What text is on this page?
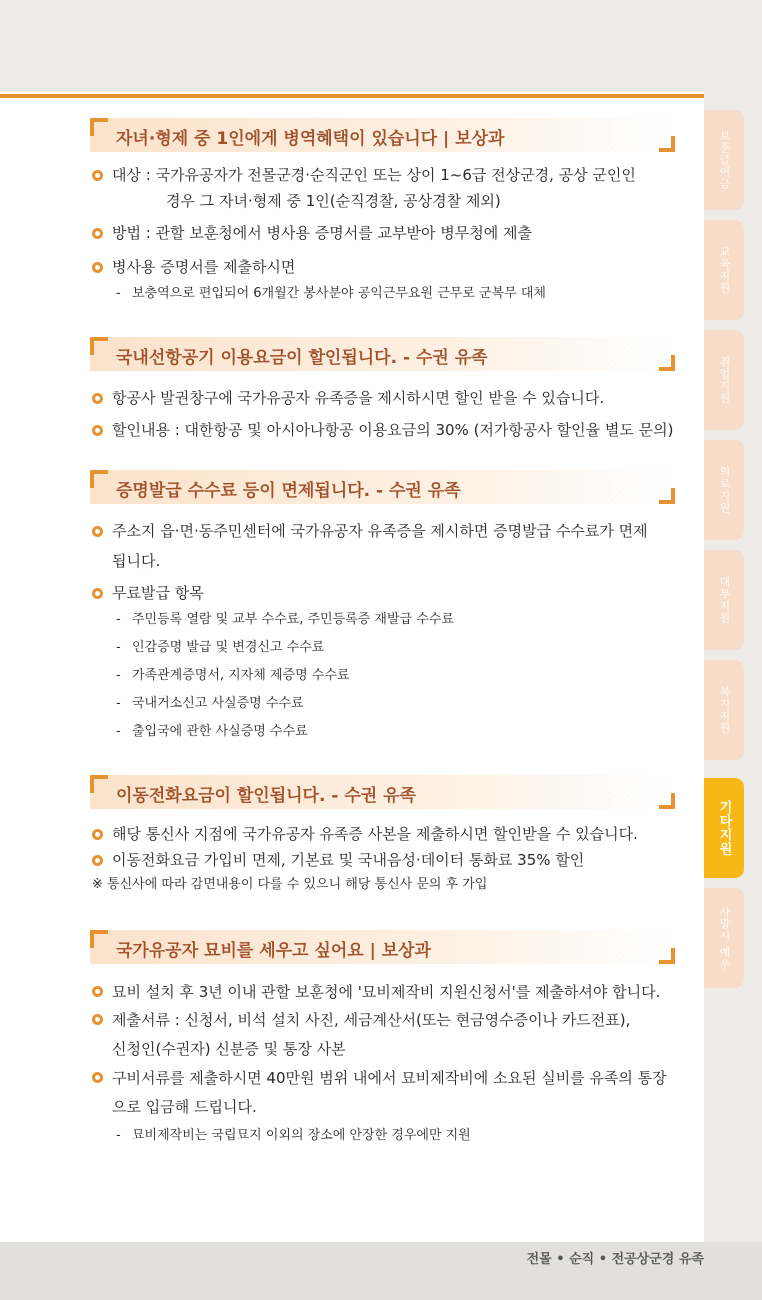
보훈급여금
교육지원
취업지원
의료지원
대부지원
복지지원
기타지원
사망시 예우
자녀·형제 중 1인에게 병역혜택이 있습니다 | 보상과
대상 : 국가유공자가 전몰군경·순직군인 또는 상이 1~6급 전상군경, 공상 군인인
경우 그 자녀·형제 중 1인(순직경찰, 공상경찰 제외)
방법 : 관할 보훈청에서 병사용 증명서를 교부받아 병무청에 제출
병사용 증명서를 제출하시면
- 보충역으로 편입되어 6개월간 봉사분야 공익근무요원 근무로 군복무 대체
국내선항공기 이용요금이 할인됩니다. - 수권 유족
항공사 발권창구에 국가유공자 유족증을 제시하시면 할인 받을 수 있습니다.
할인내용 : 대한항공 및 아시아나항공 이용요금의 30% (저가항공사 할인율 별도 문의)
증명발급 수수료 등이 면제됩니다. - 수권 유족
주소지 읍·면·동주민센터에 국가유공자 유족증을 제시하면 증명발급 수수료가 면제
됩니다.
무료발급 항목
- 주민등록 열람 및 교부 수수료, 주민등록증 재발급 수수료
- 인감증명 발급 및 변경신고 수수료
- 가족관계증명서, 지자체 제증명 수수료
- 국내거소신고 사실증명 수수료
- 출입국에 관한 사실증명 수수료
이동전화요금이 할인됩니다. - 수권 유족
해당 통신사 지점에 국가유공자 유족증 사본을 제출하시면 할인받을 수 있습니다.
이동전화요금 가입비 면제, 기본료 및 국내음성·데이터 통화료 35% 할인
※ 통신사에 따라 감면내용이 다를 수 있으니 해당 통신사 문의 후 가입
국가유공자 묘비를 세우고 싶어요 | 보상과
묘비 설치 후 3년 이내 관할 보훈청에 '묘비제작비 지원신청서'를 제출하셔야 합니다.
제출서류 : 신청서, 비석 설치 사진, 세금계산서(또는 현금영수증이나 카드전표),
신청인(수권자) 신분증 및 통장 사본
구비서류를 제출하시면 40만원 범위 내에서 묘비제작비에 소요된 실비를 유족의 통장
으로 입금해 드립니다.
- 묘비제작비는 국립묘지 이외의 장소에 안장한 경우에만 지원
전몰 • 순직 • 전공상군경 유족
